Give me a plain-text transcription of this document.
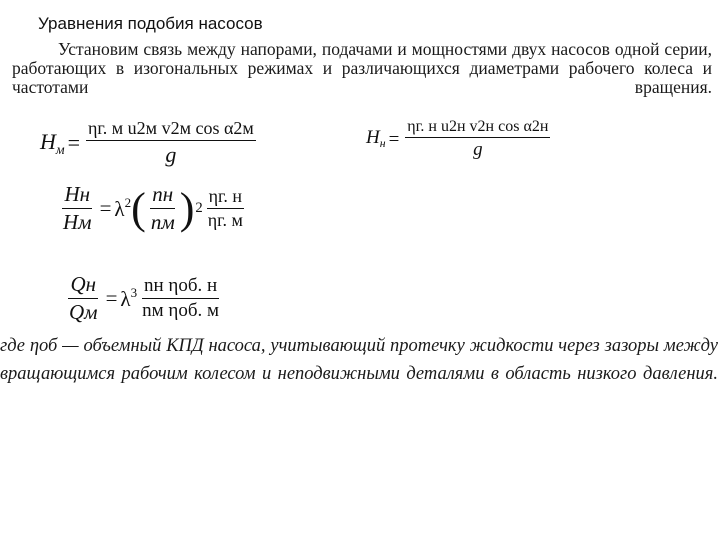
Уравнения подобия насосов
Установим связь между напорами, подачами и мощностями двух насосов одной серии, работающих в изогональных режимах и различающихся диаметрами рабочего колеса и частотами вращения.
$H_м = \frac{\text{ηг. м u2м v2м cos α2м}}{g}$	$H_н = \frac{\text{ηг. н u2н v2н cos α2н}}{g}$
$\frac{Hн}{Hм} = \lambda^2$ ( $\frac{nн}{nм}$ ) $2 \frac{\eta г. н}{\eta г. м}$
$\frac{Qн}{Qм} = \lambda^3 \frac{\text{nн ηоб. н}}{\text{nм ηоб. м}}$
где ηоб — объемный КПД насоса, учитывающий протечку жидкости через зазоры между вращающимся рабочим колесом и неподвижными деталями в область низкого давления.
